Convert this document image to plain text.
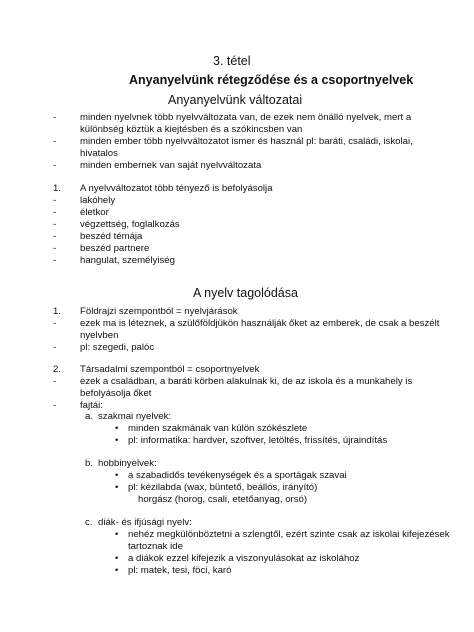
3. tétel
Anyanyelvünk rétegződése és a csoportnyelvek
Anyanyelvünk változatai
- minden nyelvnek több nyelvváltozata van, de ezek nem önálló nyelvek, mert a
különbség köztük a kiejtésben és a szókincsben van
- minden ember több nyelvváltozatot ismer és használ pl: baráti, családi, iskolai,
hivatalos
- minden embernek van saját nyelvváltozata
1. A nyelvváltozatot több tényező is befolyásolja
- lakóhely
- életkor
- végzettség, foglalkozás
- beszéd témája
- beszéd partnere
- hangulat, személyiség
A nyelv tagolódása
1. Földrajzi szempontból = nyelvjárások
- ezek ma is léteznek, a szülőföldjükön használják őket az emberek, de csak a beszélt
nyelvben
- pl: szegedi, palóc
2. Társadalmi szempontból = csoportnyelvek
- ezek a családban, a baráti körben alakulnak ki, de az iskola és a munkahely is
befolyásolja őket
- fajtái:
a. szakmai nyelvek:
• minden szakmának van külön szókészlete
• pl: informatika: hardver, szoftver, letöltés, frissítés, újraindítás
b. hobbinyelvek:
• a szabadidős tevékenységek és a sportágak szavai
• pl: kézilabda (wax, büntető, beállós, irányító)
horgász (horog, csali, etetőanyag, orsó)
c. diák- és ifjúsági nyelv:
• nehéz megkülönböztetni a szlengtől, ezért szinte csak az iskolai kifejezések
tartoznak ide
• a diákok ezzel kifejezik a viszonyulásokat az iskolához
• pl: matek, tesi, föci, karó
